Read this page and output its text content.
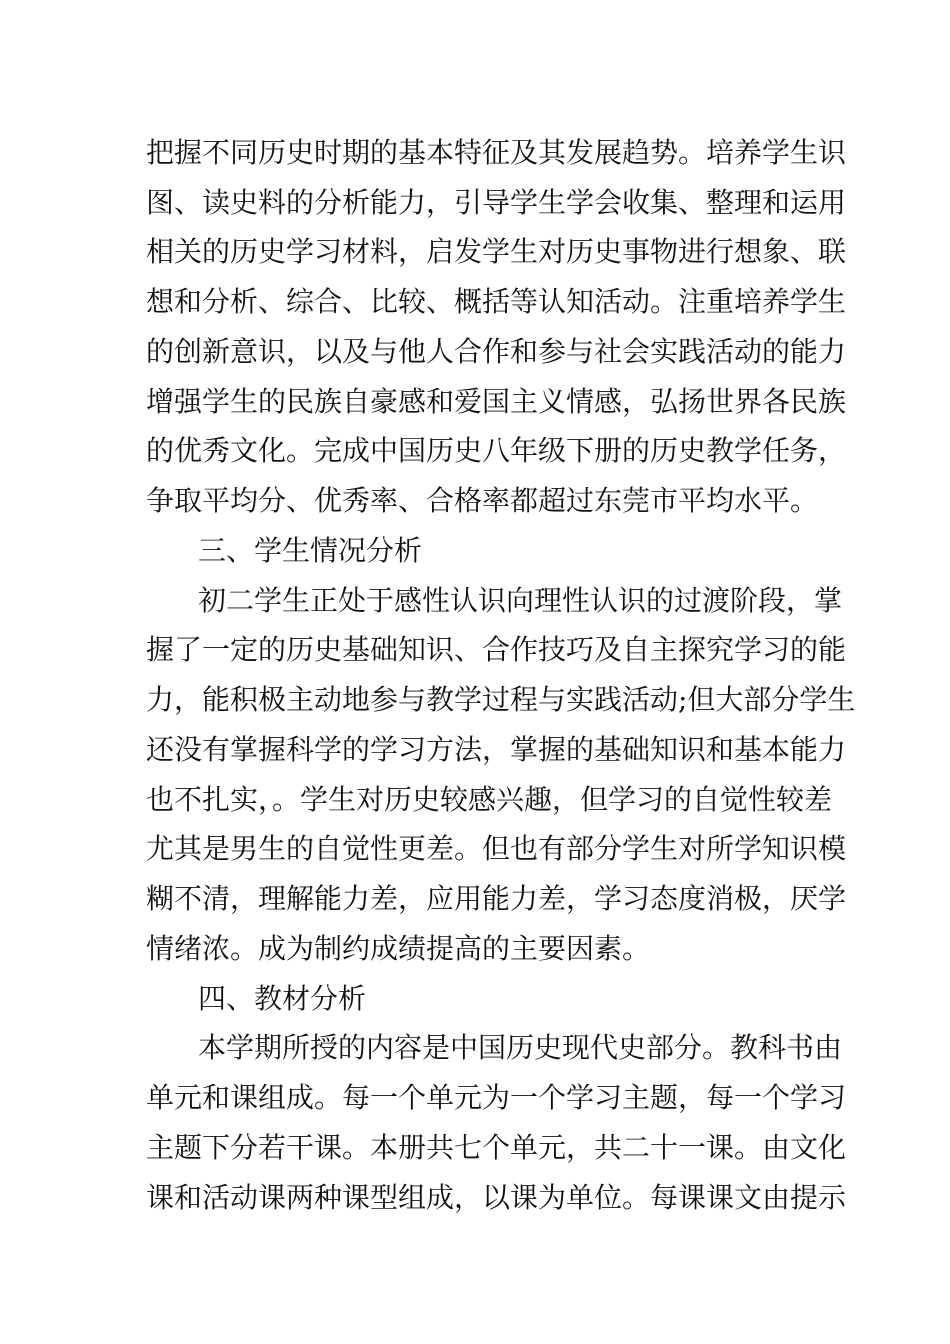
把握不同历史时期的基本特征及其发展趋势。培养学生识
图、读史料的分析能力，引导学生学会收集、整理和运用
相关的历史学习材料，启发学生对历史事物进行想象、联
想和分析、综合、比较、概括等认知活动。注重培养学生
的创新意识，以及与他人合作和参与社会实践活动的能力
增强学生的民族自豪感和爱国主义情感，弘扬世界各民族
的优秀文化。完成中国历史八年级下册的历史教学任务，
争取平均分、优秀率、合格率都超过东莞市平均水平。
三、学生情况分析
初二学生正处于感性认识向理性认识的过渡阶段，掌
握了一定的历史基础知识、合作技巧及自主探究学习的能
力，能积极主动地参与教学过程与实践活动;但大部分学生
还没有掌握科学的学习方法，掌握的基础知识和基本能力
也不扎实，。学生对历史较感兴趣，但学习的自觉性较差
尤其是男生的自觉性更差。但也有部分学生对所学知识模
糊不清，理解能力差，应用能力差，学习态度消极，厌学
情绪浓。成为制约成绩提高的主要因素。
四、教材分析
本学期所授的内容是中国历史现代史部分。教科书由
单元和课组成。每一个单元为一个学习主题，每一个学习
主题下分若干课。本册共七个单元，共二十一课。由文化
课和活动课两种课型组成，以课为单位。每课课文由提示
